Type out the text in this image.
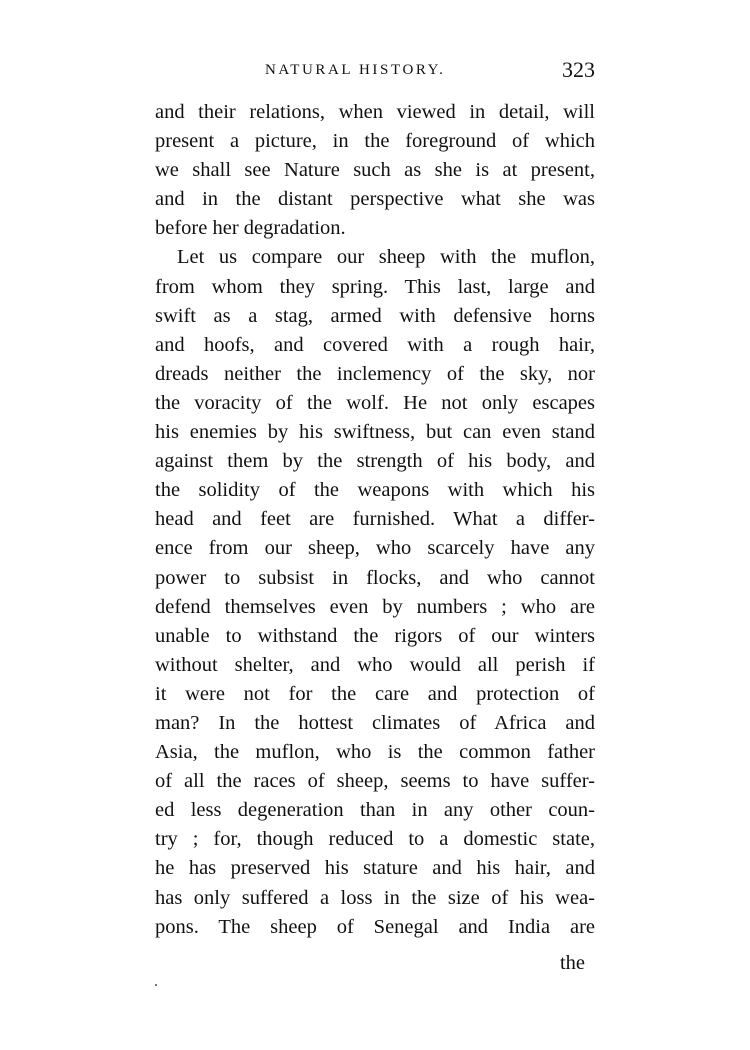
NATURAL HISTORY.	323
and their relations, when viewed in detail, will
present a picture, in the foreground of which
we shall see Nature such as she is at present,
and in the distant perspective what she was
before her degradation.
Let us compare our sheep with the muflon,
from whom they spring. This last, large and
swift as a stag, armed with defensive horns
and hoofs, and covered with a rough hair,
dreads neither the inclemency of the sky, nor
the voracity of the wolf. He not only escapes
his enemies by his swiftness, but can even stand
against them by the strength of his body, and
the solidity of the weapons with which his
head and feet are furnished. What a differ-
ence from our sheep, who scarcely have any
power to subsist in flocks, and who cannot
defend themselves even by numbers ; who are
unable to withstand the rigors of our winters
without shelter, and who would all perish if
it were not for the care and protection of
man? In the hottest climates of Africa and
Asia, the muflon, who is the common father
of all the races of sheep, seems to have suffer-
ed less degeneration than in any other coun-
try ; for, though reduced to a domestic state,
he has preserved his stature and his hair, and
has only suffered a loss in the size of his wea-
pons. The sheep of Senegal and India are
the
